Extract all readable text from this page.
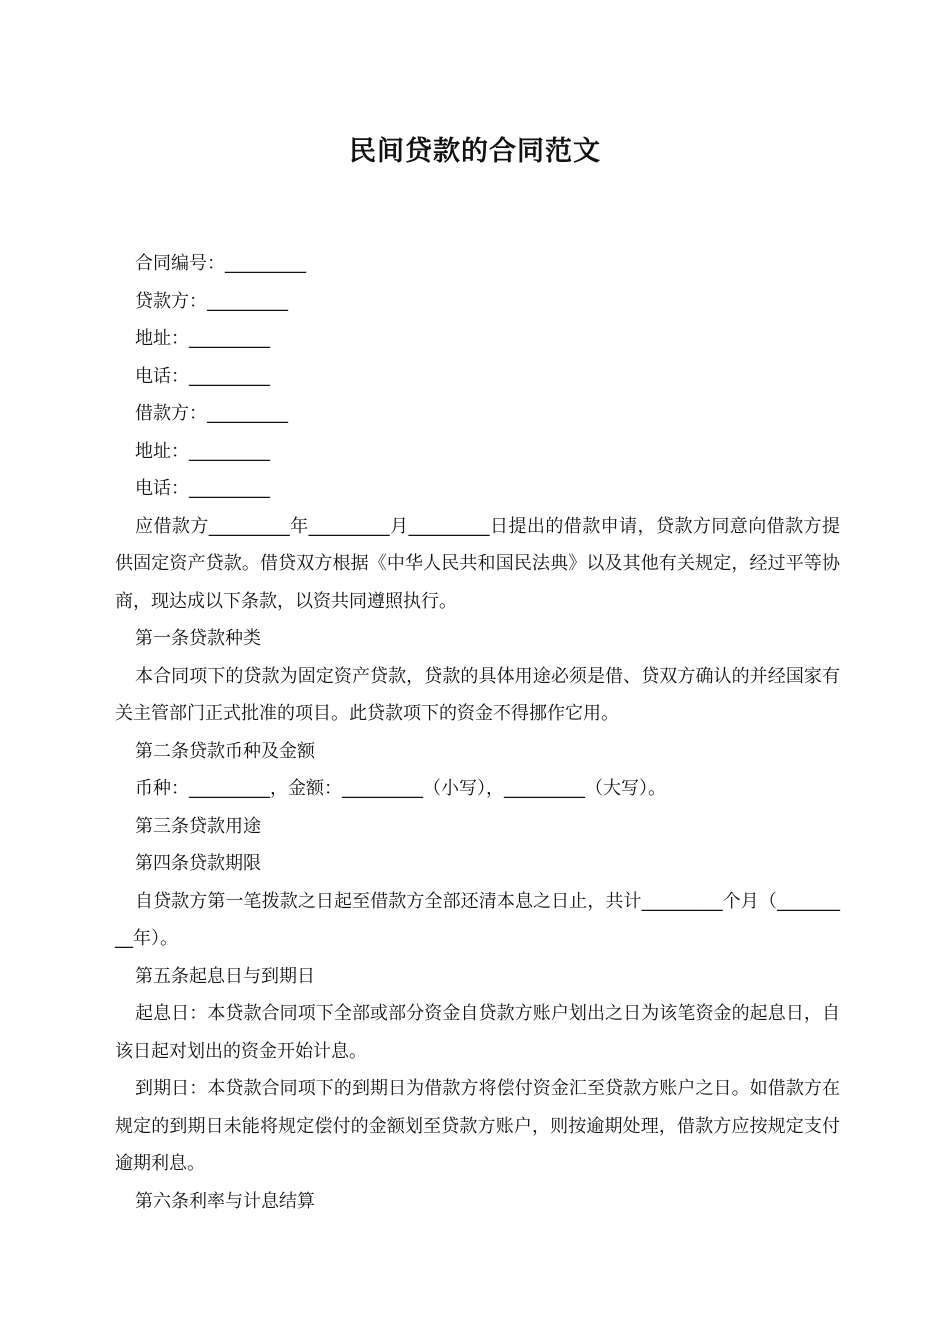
民间贷款的合同范文

合同编号：_________

贷款方：_________

地址：_________

电话：_________

借款方：_________

地址：_________

电话：_________

应借款方_________年_________月_________日提出的借款申请，贷款方同意向借款方提供固定资产贷款。借贷双方根据《中华人民共和国民法典》以及其他有关规定，经过平等协商，现达成以下条款，以资共同遵照执行。

第一条贷款种类

本合同项下的贷款为固定资产贷款，贷款的具体用途必须是借、贷双方确认的并经国家有关主管部门正式批准的项目。此贷款项下的资金不得挪作它用。

第二条贷款币种及金额

币种：_________，金额：_________（小写），_________（大写）。

第三条贷款用途

第四条贷款期限

自贷款方第一笔拨款之日起至借款方全部还清本息之日止，共计_________个月（_________年）。

第五条起息日与到期日

起息日：本贷款合同项下全部或部分资金自贷款方账户划出之日为该笔资金的起息日，自该日起对划出的资金开始计息。

到期日：本贷款合同项下的到期日为借款方将偿付资金汇至贷款方账户之日。如借款方在规定的到期日未能将规定偿付的金额划至贷款方账户，则按逾期处理，借款方应按规定支付逾期利息。

第六条利率与计息结算
